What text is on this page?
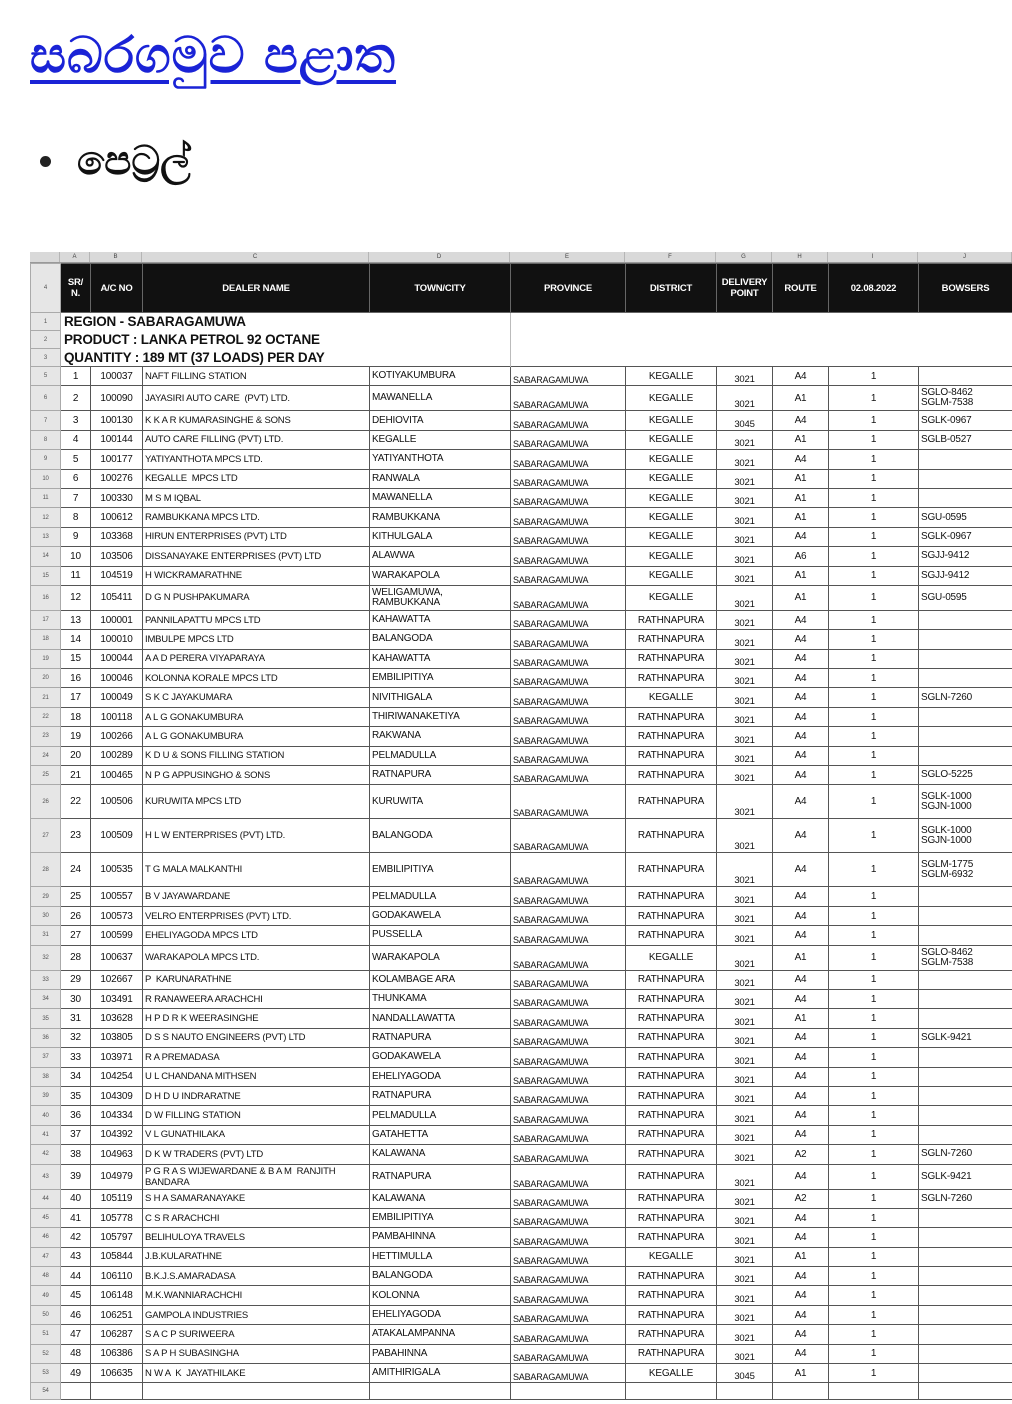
සබරගමුව පළාත
පෙට්‍රල්
A	B	C	D	E	F	G	H	I	J
1	REGION - SABARAGAMUWA									
2	PRODUCT : LANKA PETROL 92 OCTANE									
3	QUANTITY : 189 MT (37 LOADS) PER DAY									
4	SR/ N.	A/C NO	DEALER NAME	TOWN/CITY	PROVINCE	DISTRICT	DELIVERY POINT	ROUTE	02.08.2022	BOWSERS
5	1	100037	NAFT FILLING STATION	KOTIYAKUMBURA	SABARAGAMUWA	KEGALLE	3021	A4	1	
6	2	100090	JAYASIRI AUTO CARE  (PVT) LTD.	MAWANELLA	SABARAGAMUWA	KEGALLE	3021	A1	1	SGLO-8462
SGLM-7538
7	3	100130	K K A R KUMARASINGHE & SONS	DEHIOVITA	SABARAGAMUWA	KEGALLE	3045	A4	1	SGLK-0967
8	4	100144	AUTO CARE FILLING (PVT) LTD.	KEGALLE	SABARAGAMUWA	KEGALLE	3021	A1	1	SGLB-0527
9	5	100177	YATIYANTHOTA MPCS LTD.	YATIYANTHOTA	SABARAGAMUWA	KEGALLE	3021	A4	1	
10	6	100276	KEGALLE  MPCS LTD	RANWALA	SABARAGAMUWA	KEGALLE	3021	A1	1	
11	7	100330	M S M IQBAL	MAWANELLA	SABARAGAMUWA	KEGALLE	3021	A1	1	
12	8	100612	RAMBUKKANA MPCS LTD.	RAMBUKKANA	SABARAGAMUWA	KEGALLE	3021	A1	1	SGU-0595
13	9	103368	HIRUN ENTERPRISES (PVT) LTD	KITHULGALA	SABARAGAMUWA	KEGALLE	3021	A4	1	SGLK-0967
14	10	103506	DISSANAYAKE ENTERPRISES (PVT) LTD	ALAWWA	SABARAGAMUWA	KEGALLE	3021	A6	1	SGJJ-9412
15	11	104519	H WICKRAMARATHNE	WARAKAPOLA	SABARAGAMUWA	KEGALLE	3021	A1	1	SGJJ-9412
16	12	105411	D G N PUSHPAKUMARA	WELIGAMUWA,
RAMBUKKANA	SABARAGAMUWA	KEGALLE	3021	A1	1	SGU-0595
17	13	100001	PANNILAPATTU MPCS LTD	KAHAWATTA	SABARAGAMUWA	RATHNAPURA	3021	A4	1	
18	14	100010	IMBULPE MPCS LTD	BALANGODA	SABARAGAMUWA	RATHNAPURA	3021	A4	1	
19	15	100044	A A D PERERA VIYAPARAYA	KAHAWATTA	SABARAGAMUWA	RATHNAPURA	3021	A4	1	
20	16	100046	KOLONNA KORALE MPCS LTD	EMBILIPITIYA	SABARAGAMUWA	RATHNAPURA	3021	A4	1	
21	17	100049	S K C JAYAKUMARA	NIVITHIGALA	SABARAGAMUWA	KEGALLE	3021	A4	1	SGLN-7260
22	18	100118	A L G GONAKUMBURA	THIRIWANAKETIYA	SABARAGAMUWA	RATHNAPURA	3021	A4	1	
23	19	100266	A L G GONAKUMBURA	RAKWANA	SABARAGAMUWA	RATHNAPURA	3021	A4	1	
24	20	100289	K D U & SONS FILLING STATION	PELMADULLA	SABARAGAMUWA	RATHNAPURA	3021	A4	1	
25	21	100465	N P G APPUSINGHO & SONS	RATNAPURA	SABARAGAMUWA	RATHNAPURA	3021	A4	1	SGLO-5225
26	22	100506	KURUWITA MPCS LTD	KURUWITA	SABARAGAMUWA	RATHNAPURA	3021	A4	1	SGLK-1000
SGJN-1000
27	23	100509	H L W ENTERPRISES (PVT) LTD.	BALANGODA	SABARAGAMUWA	RATHNAPURA	3021	A4	1	SGLK-1000
SGJN-1000
28	24	100535	T G MALA MALKANTHI	EMBILIPITIYA	SABARAGAMUWA	RATHNAPURA	3021	A4	1	SGLM-1775
SGLM-6932
29	25	100557	B V JAYAWARDANE	PELMADULLA	SABARAGAMUWA	RATHNAPURA	3021	A4	1	
30	26	100573	VELRO ENTERPRISES (PVT) LTD.	GODAKAWELA	SABARAGAMUWA	RATHNAPURA	3021	A4	1	
31	27	100599	EHELIYAGODA MPCS LTD	PUSSELLA	SABARAGAMUWA	RATHNAPURA	3021	A4	1	
32	28	100637	WARAKAPOLA MPCS LTD.	WARAKAPOLA	SABARAGAMUWA	KEGALLE	3021	A1	1	SGLO-8462
SGLM-7538
33	29	102667	P  KARUNARATHNE	KOLAMBAGE ARA	SABARAGAMUWA	RATHNAPURA	3021	A4	1	
34	30	103491	R RANAWEERA ARACHCHI	THUNKAMA	SABARAGAMUWA	RATHNAPURA	3021	A4	1	
35	31	103628	H P D R K WEERASINGHE	NANDALLAWATTA	SABARAGAMUWA	RATHNAPURA	3021	A1	1	
36	32	103805	D S S NAUTO ENGINEERS (PVT) LTD	RATNAPURA	SABARAGAMUWA	RATHNAPURA	3021	A4	1	SGLK-9421
37	33	103971	R A PREMADASA	GODAKAWELA	SABARAGAMUWA	RATHNAPURA	3021	A4	1	
38	34	104254	U L CHANDANA MITHSEN	EHELIYAGODA	SABARAGAMUWA	RATHNAPURA	3021	A4	1	
39	35	104309	D H D U INDRARATNE	RATNAPURA	SABARAGAMUWA	RATHNAPURA	3021	A4	1	
40	36	104334	D W FILLING STATION	PELMADULLA	SABARAGAMUWA	RATHNAPURA	3021	A4	1	
41	37	104392	V L GUNATHILAKA	GATAHETTA	SABARAGAMUWA	RATHNAPURA	3021	A4	1	
42	38	104963	D K W TRADERS (PVT) LTD	KALAWANA	SABARAGAMUWA	RATHNAPURA	3021	A2	1	SGLN-7260
43	39	104979	P G R A S WIJEWARDANE & B A M  RANJITH
BANDARA	RATNAPURA	SABARAGAMUWA	RATHNAPURA	3021	A4	1	SGLK-9421
44	40	105119	S H A SAMARANAYAKE	KALAWANA	SABARAGAMUWA	RATHNAPURA	3021	A2	1	SGLN-7260
45	41	105778	C S R ARACHCHI	EMBILIPITIYA	SABARAGAMUWA	RATHNAPURA	3021	A4	1	
46	42	105797	BELIHULOYA TRAVELS	PAMBAHINNA	SABARAGAMUWA	RATHNAPURA	3021	A4	1	
47	43	105844	J.B.KULARATHNE	HETTIMULLA	SABARAGAMUWA	KEGALLE	3021	A1	1	
48	44	106110	B.K.J.S.AMARADASA	BALANGODA	SABARAGAMUWA	RATHNAPURA	3021	A4	1	
49	45	106148	M.K.WANNIARACHCHI	KOLONNA	SABARAGAMUWA	RATHNAPURA	3021	A4	1	
50	46	106251	GAMPOLA INDUSTRIES	EHELIYAGODA	SABARAGAMUWA	RATHNAPURA	3021	A4	1	
51	47	106287	S A C P SURIWEERA	ATAKALAMPANNA	SABARAGAMUWA	RATHNAPURA	3021	A4	1	
52	48	106386	S A P H SUBASINGHA	PABAHINNA	SABARAGAMUWA	RATHNAPURA	3021	A4	1	
53	49	106635	N W A  K  JAYATHILAKE	AMITHIRIGALA	SABARAGAMUWA	KEGALLE	3045	A1	1	
54										
